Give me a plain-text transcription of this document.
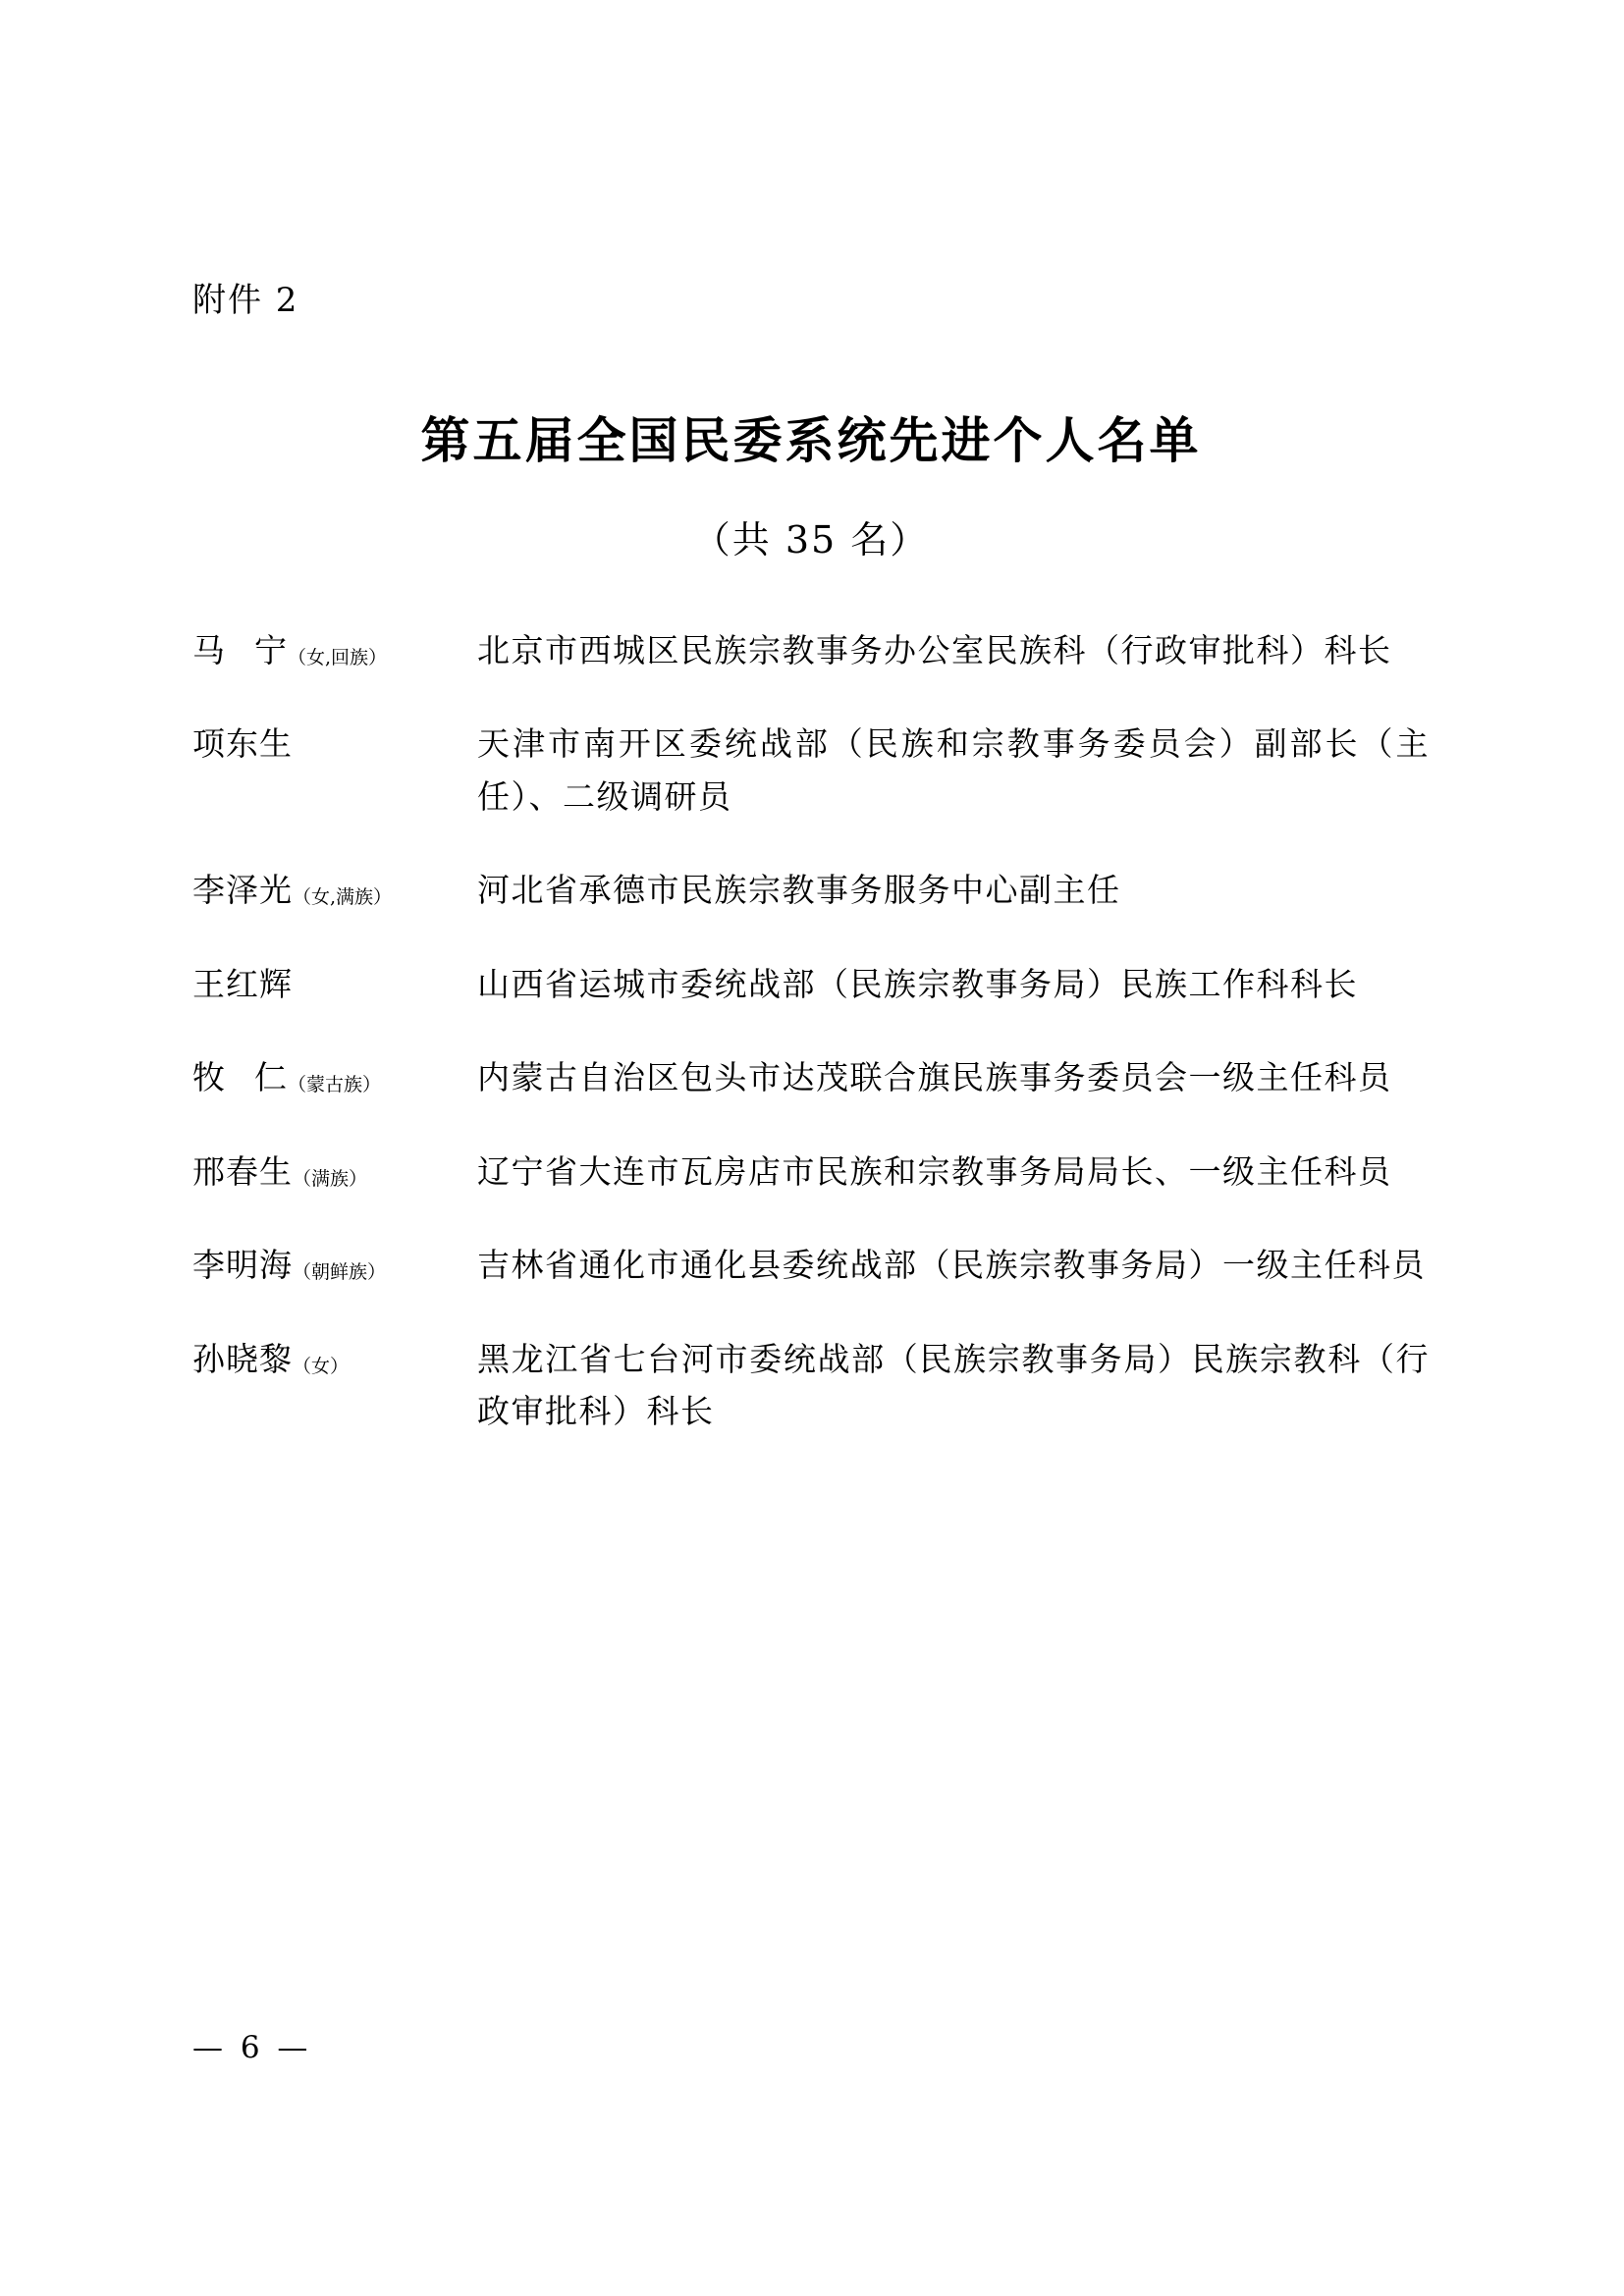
附件 2
第五届全国民委系统先进个人名单
（共 35 名）
马宁（女,回族）	北京市西城区民族宗教事务办公室民族科（行政审批科）科长
项东生	天津市南开区委统战部（民族和宗教事务委员会）副部长（主任）、二级调研员
李泽光（女,满族）	河北省承德市民族宗教事务服务中心副主任
王红辉	山西省运城市委统战部（民族宗教事务局）民族工作科科长
牧仁（蒙古族）	内蒙古自治区包头市达茂联合旗民族事务委员会一级主任科员
邢春生（满族）	辽宁省大连市瓦房店市民族和宗教事务局局长、一级主任科员
李明海（朝鲜族）	吉林省通化市通化县委统战部（民族宗教事务局）一级主任科员
孙晓黎（女）	黑龙江省七台河市委统战部（民族宗教事务局）民族宗教科（行政审批科）科长
— 6 —
